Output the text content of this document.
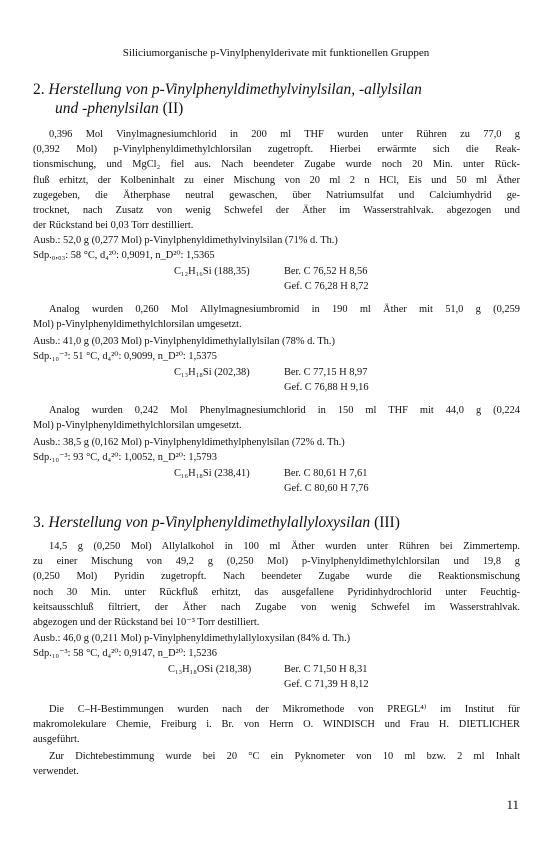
Siliciumorganische p-Vinylphenylderivate mit funktionellen Gruppen
2. Herstellung von p-Vinylphenyldimethylvinylsilan, -allylsilan
und -phenylsilan (II)
0,396 Mol Vinylmagnesiumchlorid in 200 ml THF wurden unter Rühren zu 77,0 g
(0,392 Mol) p-Vinylphenyldimethylchlorsilan zugetropft. Hierbei erwärmte sich die Reak-
tionsmischung, und MgCl₂ fiel aus. Nach beendeter Zugabe wurde noch 20 Min. unter Rück-
fluß erhitzt, der Kolbeninhalt zu einer Mischung von 20 ml 2 n HCl, Eis und 50 ml Äther
zugegeben, die Ätherphase neutral gewaschen, über Natriumsulfat und Calciumhydrid ge-
trocknet, nach Zusatz von wenig Schwefel der Äther im Wasserstrahlvak. abgezogen und
der Rückstand bei 0,03 Torr destilliert.
Ausb.: 52,0 g (0,277 Mol) p-Vinylphenyldimethylvinylsilan (71% d. Th.)
Sdp.₀,₀₃: 58 °C, d₄²⁰: 0,9091, n_D²⁰: 1,5365
C₁₂H₁₆Si (188,35)	Ber. C 76,52 H 8,56
Gef. C 76,28 H 8,72
Analog wurden 0,260 Mol Allylmagnesiumbromid in 190 ml Äther mit 51,0 g (0,259
Mol) p-Vinylphenyldimethylchlorsilan umgesetzt.
Ausb.: 41,0 g (0,203 Mol) p-Vinylphenyldimethylallylsilan (78% d. Th.)
Sdp.₁₀⁻³: 51 °C, d₄²⁰: 0,9099, n_D²⁰: 1,5375
C₁₃H₁₈Si (202,38)	Ber. C 77,15 H 8,97
Gef. C 76,88 H 9,16
Analog wurden 0,242 Mol Phenylmagnesiumchlorid in 150 ml THF mit 44,0 g (0,224
Mol) p-Vinylphenyldimethylchlorsilan umgesetzt.
Ausb.: 38,5 g (0,162 Mol) p-Vinylphenyldimethylphenylsilan (72% d. Th.)
Sdp.₁₀⁻³: 93 °C, d₄²⁰: 1,0052, n_D²⁰: 1,5793
C₁₆H₁₈Si (238,41)	Ber. C 80,61 H 7,61
Gef. C 80,60 H 7,76
3. Herstellung von p-Vinylphenyldimethylallyloxysilan (III)
14,5 g (0,250 Mol) Allylalkohol in 100 ml Äther wurden unter Rühren bei Zimmertemp.
zu einer Mischung von 49,2 g (0,250 Mol) p-Vinylphenyldimethylchlorsilan und 19,8 g
(0,250 Mol) Pyridin zugetropft. Nach beendeter Zugabe wurde die Reaktionsmischung
noch 30 Min. unter Rückfluß erhitzt, das ausgefallene Pyridinhydrochlorid unter Feuchtig-
keitsausschluß filtriert, der Äther nach Zugabe von wenig Schwefel im Wasserstrahlvak.
abgezogen und der Rückstand bei 10⁻³ Torr destilliert.
Ausb.: 46,0 g (0,211 Mol) p-Vinylphenyldimethylallyloxysilan (84% d. Th.)
Sdp.₁₀⁻³: 58 °C, d₄²⁰: 0,9147, n_D²⁰: 1,5236
C₁₃H₁₈OSi (218,38)	Ber. C 71,50 H 8,31
Gef. C 71,39 H 8,12
Die C–H-Bestimmungen wurden nach der Mikromethode von PREGL⁴⁾ im Institut für
makromolekulare Chemie, Freiburg i. Br. von Herrn O. WINDISCH und Frau H. DIETLICHER
ausgeführt.
Zur Dichtebestimmung wurde bei 20 °C ein Pyknometer von 10 ml bzw. 2 ml Inhalt
verwendet.
11
